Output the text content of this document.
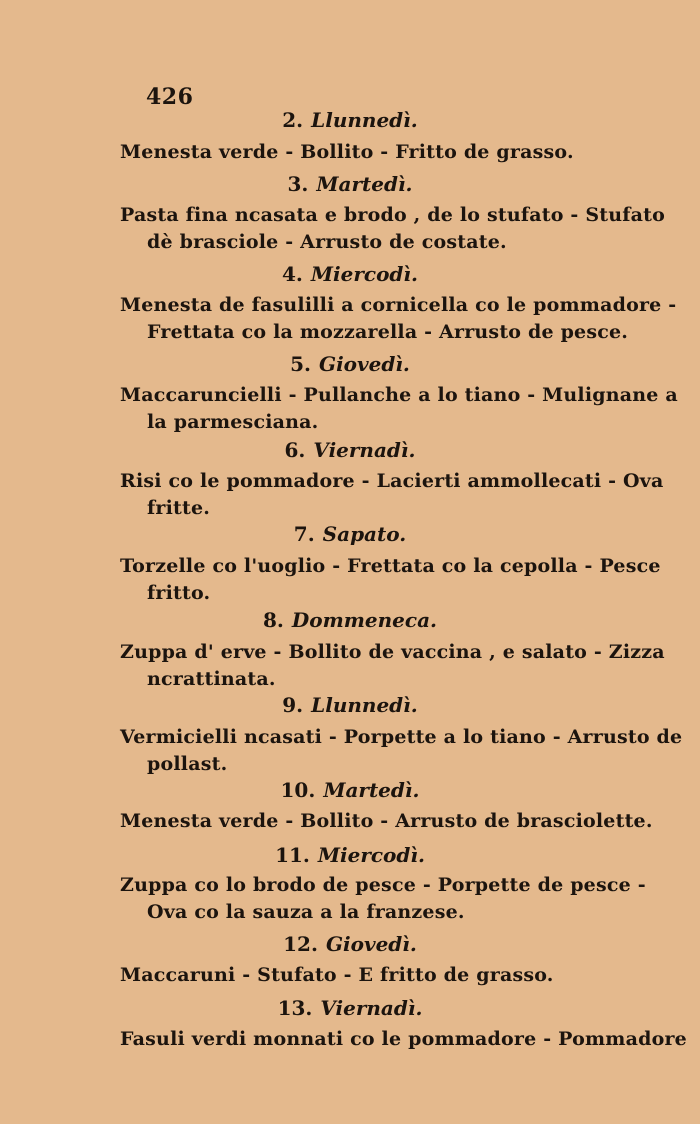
426
2. Llunnedì.
Menesta verde - Bollito - Fritto de grasso.
3. Martedì.
Pasta fina ncasata e brodo , de lo stufato - Stufato
dè brasciole - Arrusto de costate.
4. Miercodì.
Menesta de fasulilli a cornicella co le pommadore -
Frettata co la mozzarella - Arrusto de pesce.
5. Giovedì.
Maccaruncielli - Pullanche a lo tiano - Mulignane a
la parmesciana.
6. Viernadì.
Risi co le pommadore - Lacierti ammollecati - Ova
fritte.
7. Sapato.
Torzelle co l'uoglio - Frettata co la cepolla - Pesce
fritto.
8. Dommeneca.
Zuppa d' erve - Bollito de vaccina , e salato - Zizza
ncrattinata.
9. Llunnedì.
Vermicielli ncasati - Porpette a lo tiano - Arrusto de
pollast.
10. Martedì.
Menesta verde - Bollito - Arrusto de brasciolette.
11. Miercodì.
Zuppa co lo brodo de pesce - Porpette de pesce -
Ova co la sauza a la franzese.
12. Giovedì.
Maccaruni - Stufato - E fritto de grasso.
13. Viernadì.
Fasuli verdi monnati co le pommadore - Pommadore
